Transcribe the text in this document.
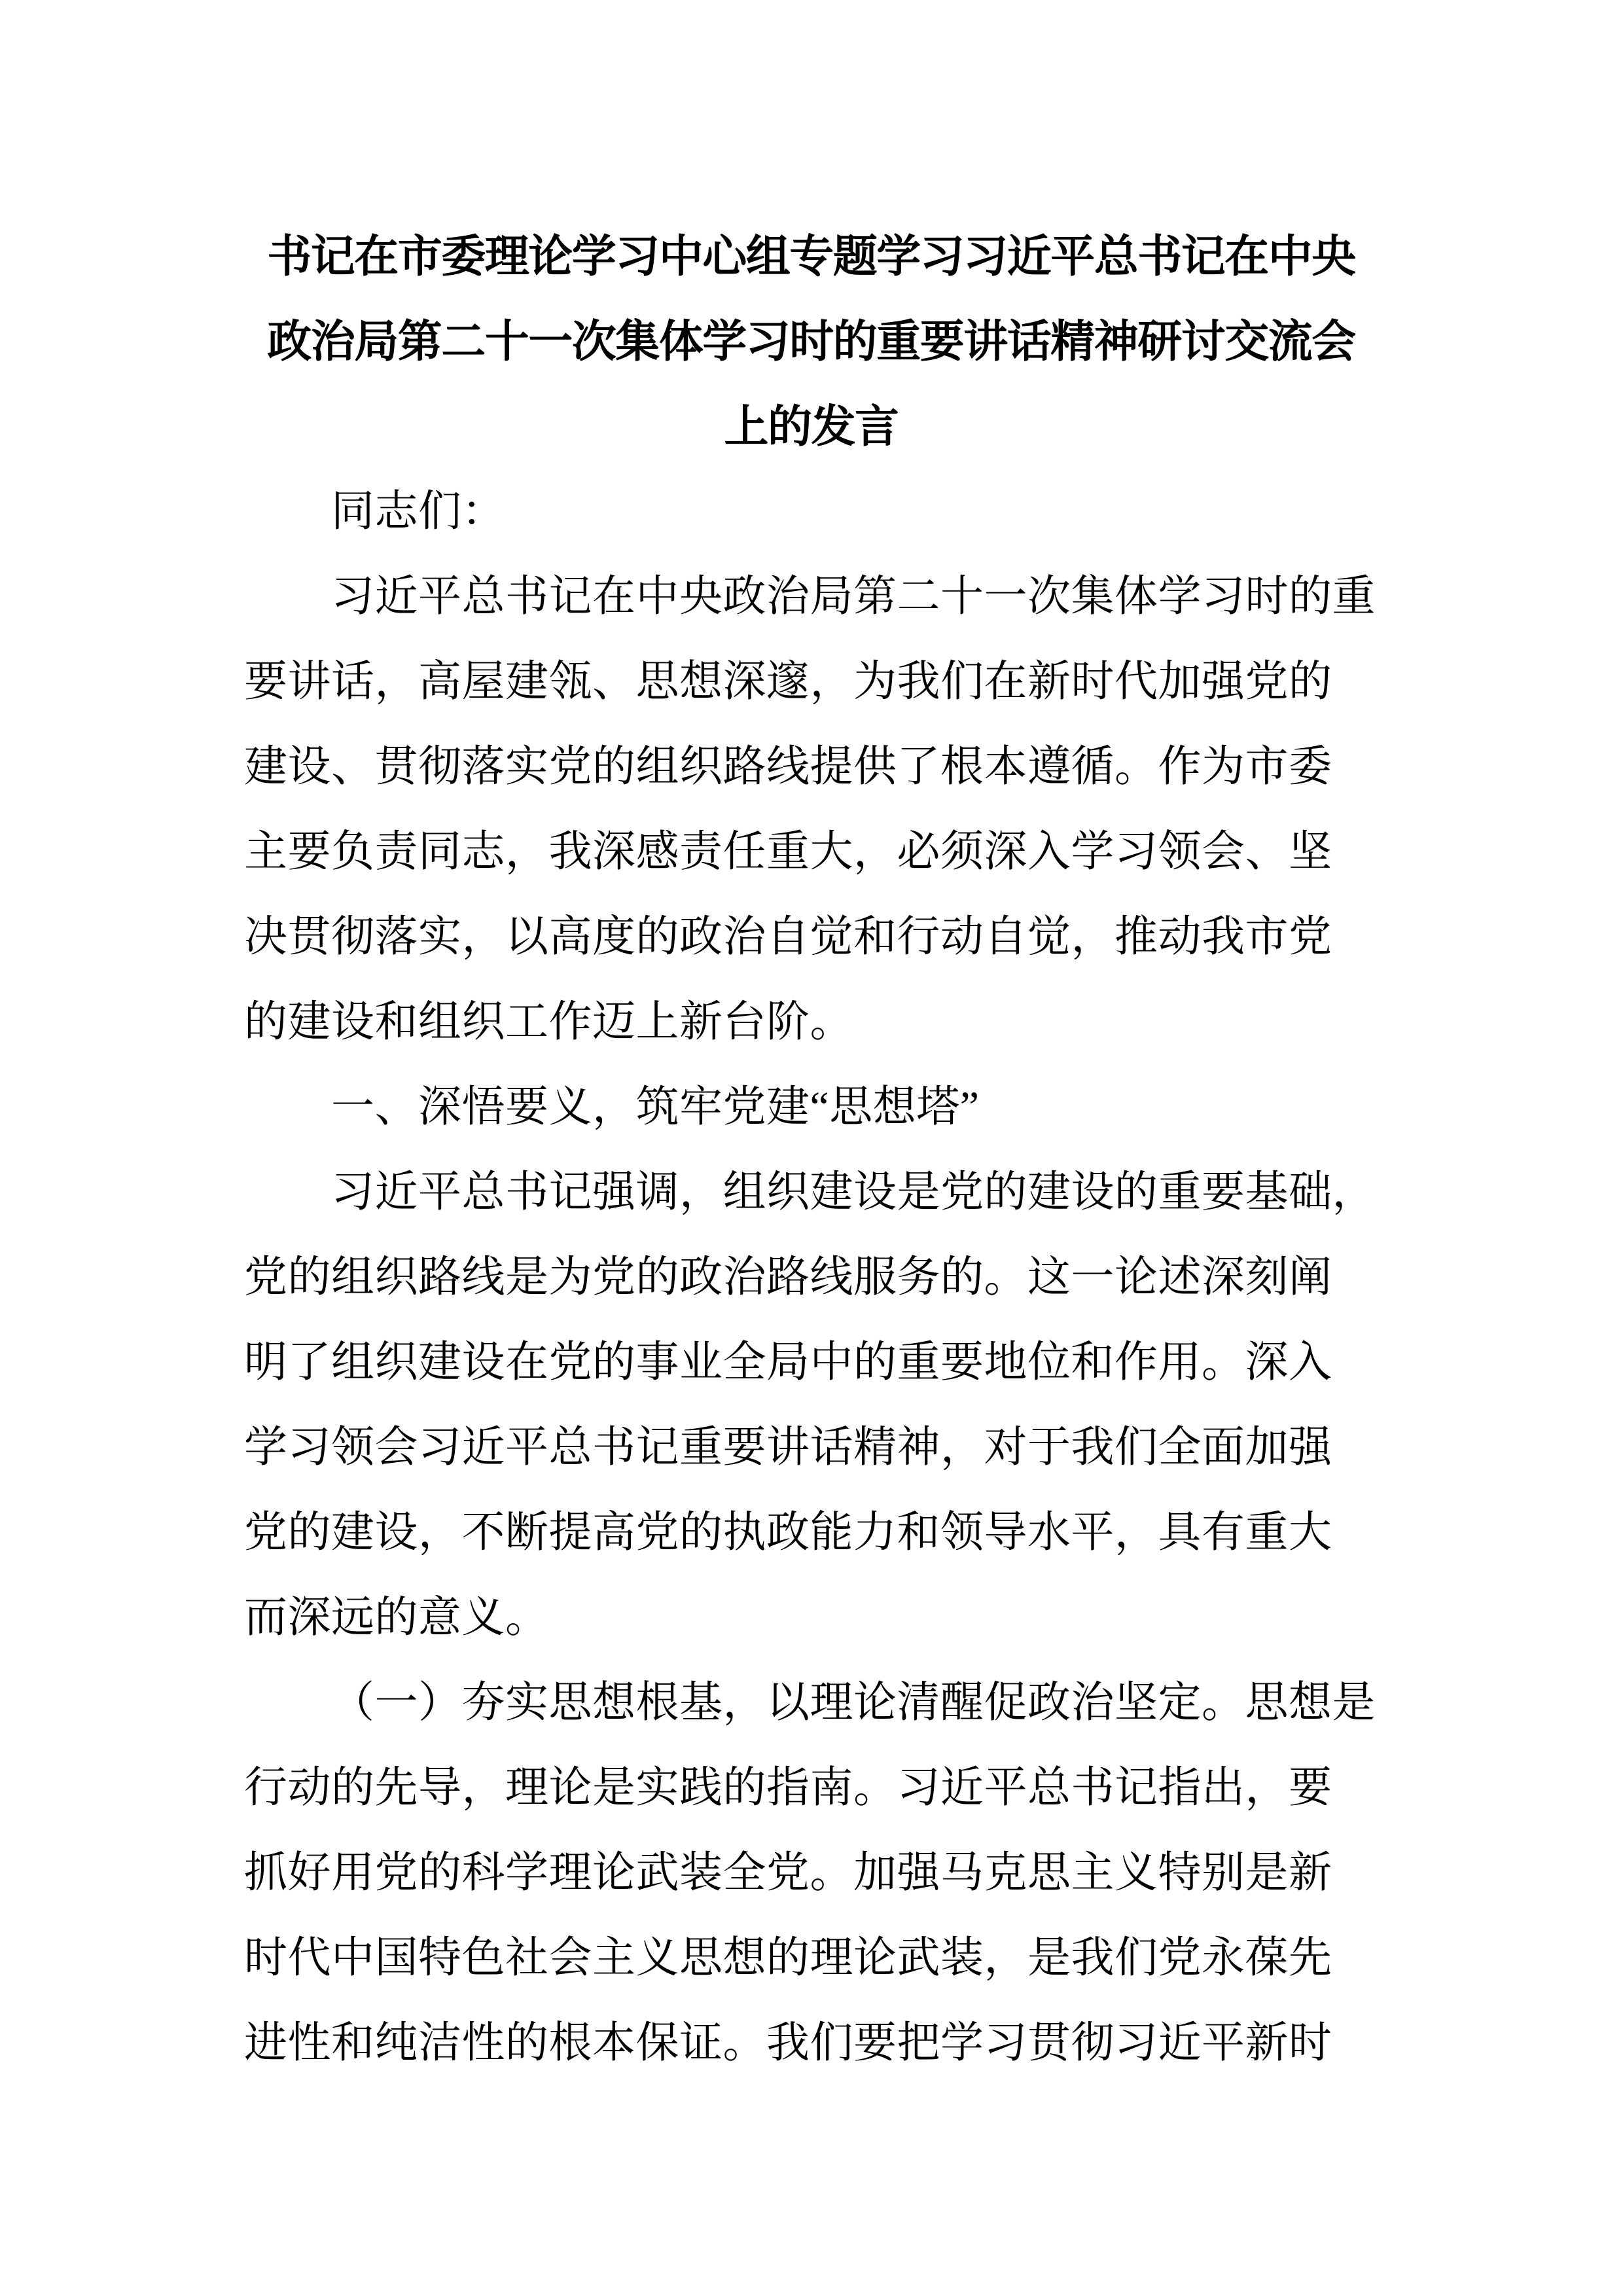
书记在市委理论学习中心组专题学习习近平总书记在中央
政治局第二十一次集体学习时的重要讲话精神研讨交流会
上的发言
同志们：
习近平总书记在中央政治局第二十一次集体学习时的重
要讲话，高屋建瓴、思想深邃，为我们在新时代加强党的
建设、贯彻落实党的组织路线提供了根本遵循。作为市委
主要负责同志，我深感责任重大，必须深入学习领会、坚
决贯彻落实，以高度的政治自觉和行动自觉，推动我市党
的建设和组织工作迈上新台阶。
一、深悟要义，筑牢党建“思想塔”
习近平总书记强调，组织建设是党的建设的重要基础，
党的组织路线是为党的政治路线服务的。这一论述深刻阐
明了组织建设在党的事业全局中的重要地位和作用。深入
学习领会习近平总书记重要讲话精神，对于我们全面加强
党的建设，不断提高党的执政能力和领导水平，具有重大
而深远的意义。
（一）夯实思想根基，以理论清醒促政治坚定。思想是
行动的先导，理论是实践的指南。习近平总书记指出，要
抓好用党的科学理论武装全党。加强马克思主义特别是新
时代中国特色社会主义思想的理论武装，是我们党永葆先
进性和纯洁性的根本保证。我们要把学习贯彻习近平新时
